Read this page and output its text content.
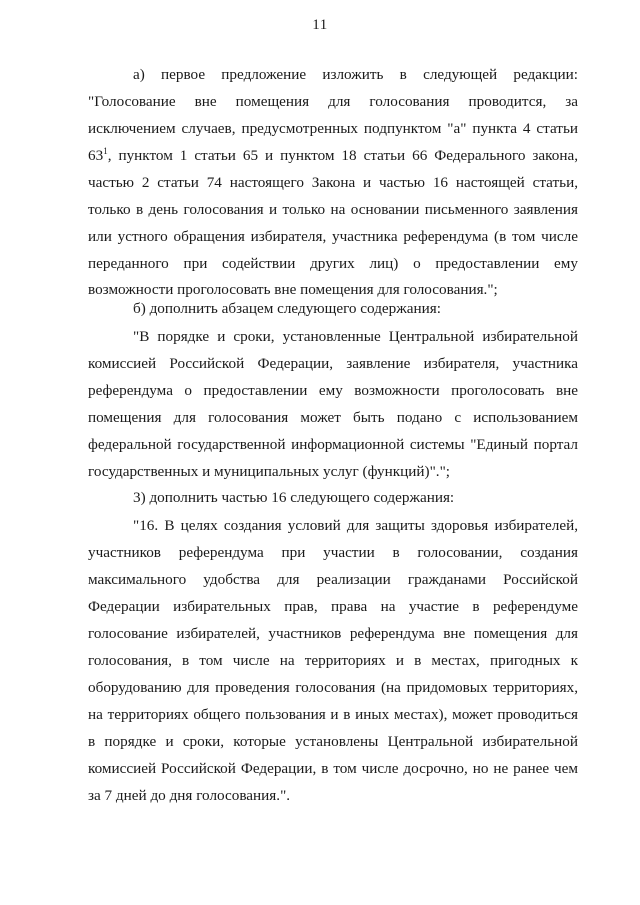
11
а) первое предложение изложить в следующей редакции:
"Голосование вне помещения для голосования проводится, за
исключением случаев, предусмотренных подпунктом "а" пункта 4 статьи
$63^1$, пунктом 1 статьи 65 и пунктом 18 статьи 66 Федерального закона,
частью 2 статьи 74 настоящего Закона и частью 16 настоящей статьи,
только в день голосования и только на основании письменного заявления
или устного обращения избирателя, участника референдума (в том числе
переданного при содействии других лиц) о предоставлении ему
возможности проголосовать вне помещения для голосования.";
б) дополнить абзацем следующего содержания:
"В порядке и сроки, установленные Центральной избирательной
комиссией Российской Федерации, заявление избирателя, участника
референдума о предоставлении ему возможности проголосовать вне
помещения для голосования может быть подано с использованием
федеральной государственной информационной системы "Единый портал
государственных и муниципальных услуг (функций)".";
3) дополнить частью 16 следующего содержания:
"16. В целях создания условий для защиты здоровья избирателей,
участников референдума при участии в голосовании, создания
максимального удобства для реализации гражданами Российской
Федерации избирательных прав, права на участие в референдуме
голосование избирателей, участников референдума вне помещения для
голосования, в том числе на территориях и в местах, пригодных к
оборудованию для проведения голосования (на придомовых территориях,
на территориях общего пользования и в иных местах), может проводиться
в порядке и сроки, которые установлены Центральной избирательной
комиссией Российской Федерации, в том числе досрочно, но не ранее чем
за 7 дней до дня голосования.".
